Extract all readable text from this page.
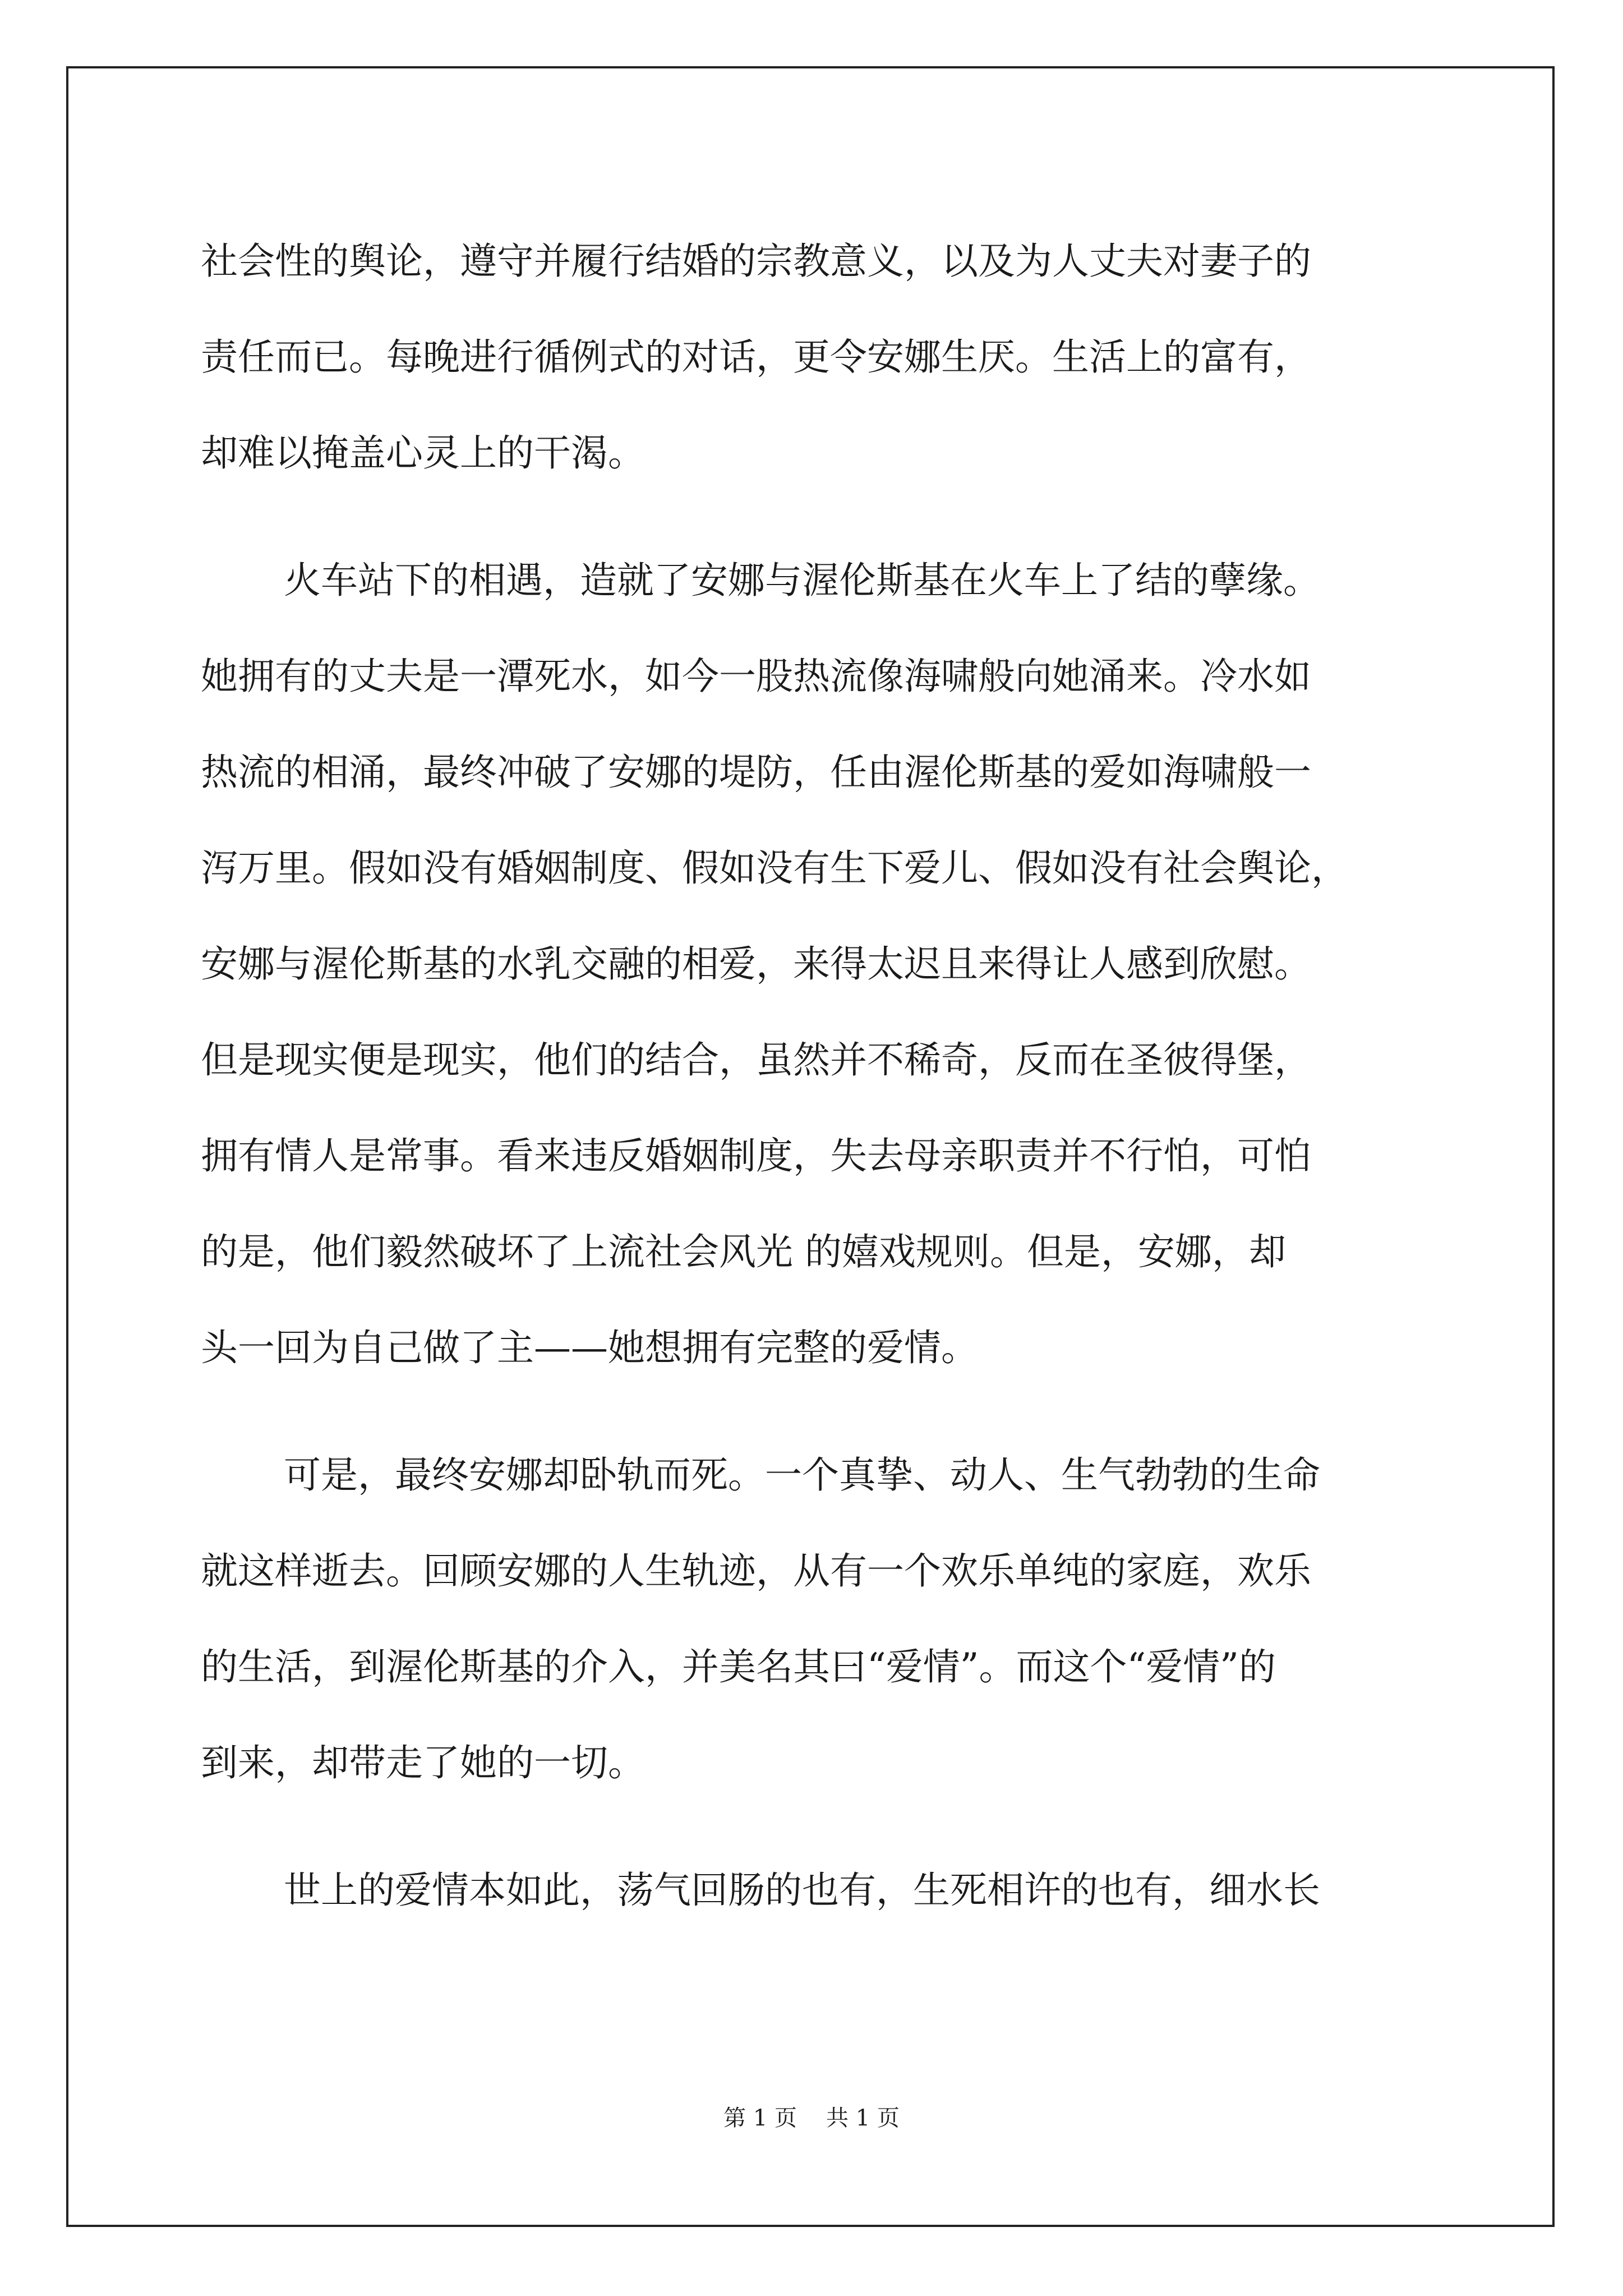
社会性的舆论，遵守并履行结婚的宗教意义，以及为人丈夫对妻子的
责任而已。每晚进行循例式的对话，更令安娜生厌。生活上的富有，
却难以掩盖心灵上的干渴。
火车站下的相遇，造就了安娜与渥伦斯基在火车上了结的孽缘。
她拥有的丈夫是一潭死水，如今一股热流像海啸般向她涌来。冷水如
热流的相涌，最终冲破了安娜的堤防，任由渥伦斯基的爱如海啸般一
泻万里。假如没有婚姻制度、假如没有生下爱儿、假如没有社会舆论，
安娜与渥伦斯基的水乳交融的相爱，来得太迟且来得让人感到欣慰。
但是现实便是现实，他们的结合，虽然并不稀奇，反而在圣彼得堡，
拥有情人是常事。看来违反婚姻制度，失去母亲职责并不行怕，可怕
的是，他们毅然破坏了上流社会风光 的嬉戏规则。但是，安娜，却
头一回为自己做了主——她想拥有完整的爱情。
可是，最终安娜却卧轨而死。一个真挚、动人、生气勃勃的生命
就这样逝去。回顾安娜的人生轨迹，从有一个欢乐单纯的家庭，欢乐
的生活，到渥伦斯基的介入，并美名其曰“爱情”。而这个“爱情”的
到来，却带走了她的一切。
世上的爱情本如此，荡气回肠的也有，生死相许的也有，细水长
第 1 页 共 1 页
